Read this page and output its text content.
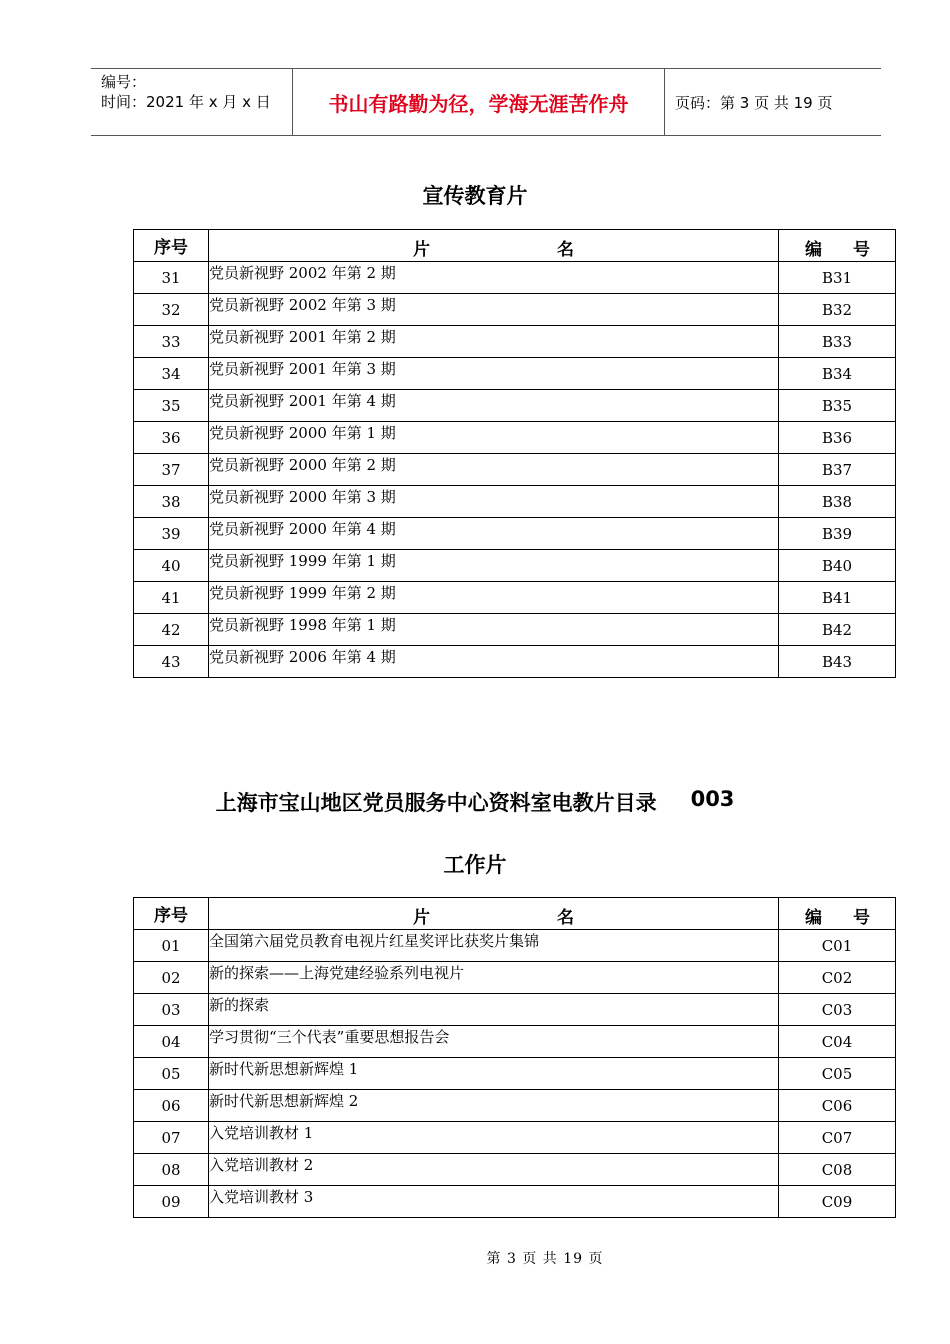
编号：
时间：2021 年 x 月 x 日	书山有路勤为径，学海无涯苦作舟	页码：第 3 页 共 19 页
宣传教育片
序号	片 名	编 号

31	党员新视野 2002 年第 2 期	B31
32	党员新视野 2002 年第 3 期	B32
33	党员新视野 2001 年第 2 期	B33
34	党员新视野 2001 年第 3 期	B34
35	党员新视野 2001 年第 4 期	B35
36	党员新视野 2000 年第 1 期	B36
37	党员新视野 2000 年第 2 期	B37
38	党员新视野 2000 年第 3 期	B38
39	党员新视野 2000 年第 4 期	B39
40	党员新视野 1999 年第 1 期	B40
41	党员新视野 1999 年第 2 期	B41
42	党员新视野 1998 年第 1 期	B42
43	党员新视野 2006 年第 4 期	B43
上海市宝山地区党员服务中心资料室电教片目录 003
工作片
序号	片 名	编 号

01	全国第六届党员教育电视片红星奖评比获奖片集锦	C01
02	新的探索——上海党建经验系列电视片	C02
03	新的探索	C03
04	学习贯彻“三个代表”重要思想报告会	C04
05	新时代新思想新辉煌 1	C05
06	新时代新思想新辉煌 2	C06
07	入党培训教材 1	C07
08	入党培训教材 2	C08
09	入党培训教材 3	C09
第 3 页 共 19 页
